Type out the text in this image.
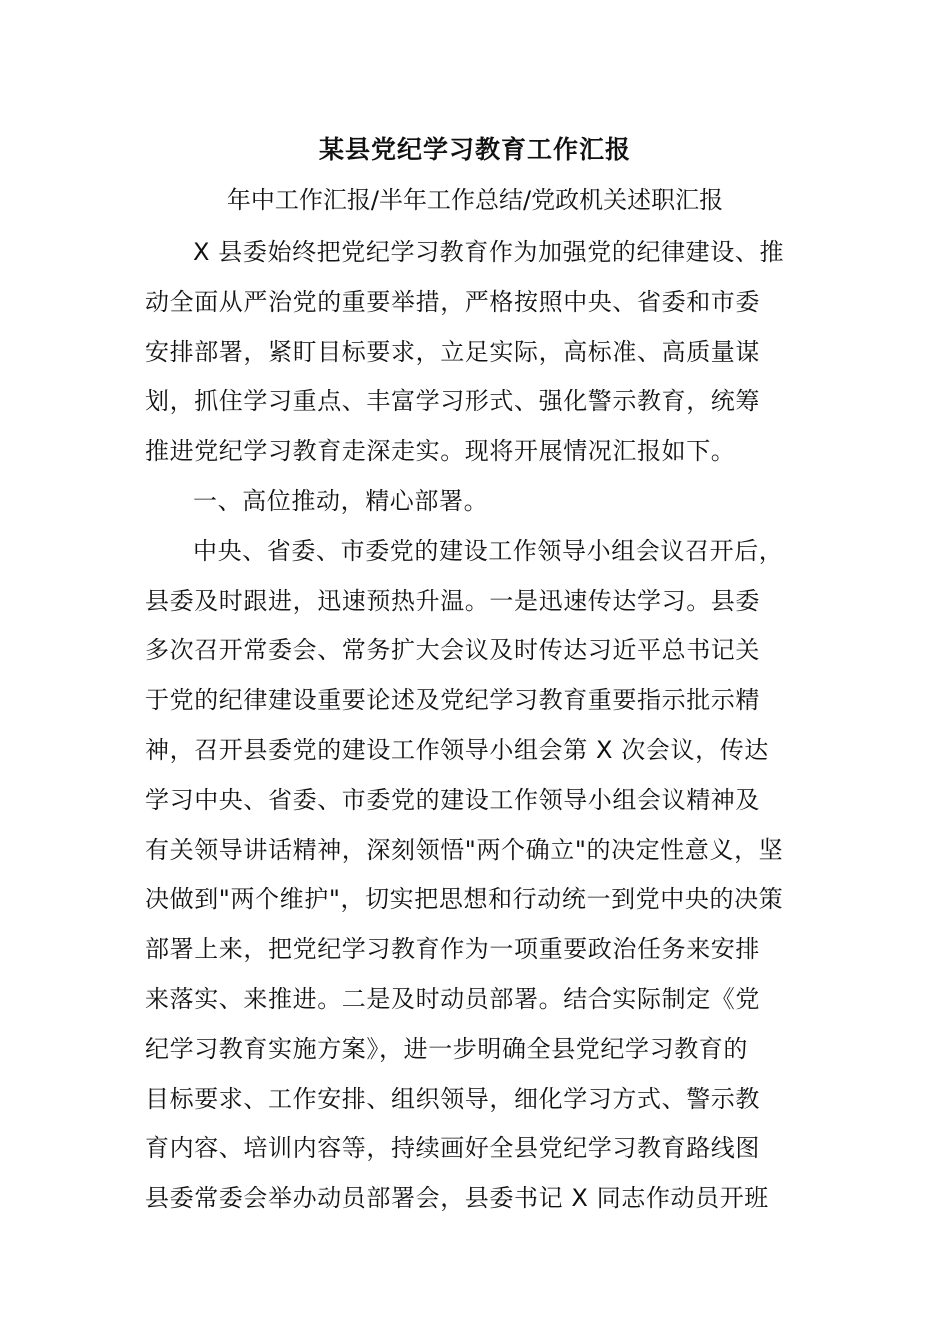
某县党纪学习教育工作汇报
年中工作汇报/半年工作总结/党政机关述职汇报
X 县委始终把党纪学习教育作为加强党的纪律建设、推
动全面从严治党的重要举措，严格按照中央、省委和市委
安排部署，紧盯目标要求，立足实际，高标准、高质量谋
划，抓住学习重点、丰富学习形式、强化警示教育，统筹
推进党纪学习教育走深走实。现将开展情况汇报如下。
一、高位推动，精心部署。
中央、省委、市委党的建设工作领导小组会议召开后，
县委及时跟进，迅速预热升温。一是迅速传达学习。县委
多次召开常委会、常务扩大会议及时传达习近平总书记关
于党的纪律建设重要论述及党纪学习教育重要指示批示精
神，召开县委党的建设工作领导小组会第 X 次会议，传达
学习中央、省委、市委党的建设工作领导小组会议精神及
有关领导讲话精神，深刻领悟"两个确立"的决定性意义，坚
决做到"两个维护"，切实把思想和行动统一到党中央的决策
部署上来，把党纪学习教育作为一项重要政治任务来安排
来落实、来推进。二是及时动员部署。结合实际制定《党
纪学习教育实施方案》，进一步明确全县党纪学习教育的
目标要求、工作安排、组织领导，细化学习方式、警示教
育内容、培训内容等，持续画好全县党纪学习教育路线图
县委常委会举办动员部署会，县委书记 X 同志作动员开班
